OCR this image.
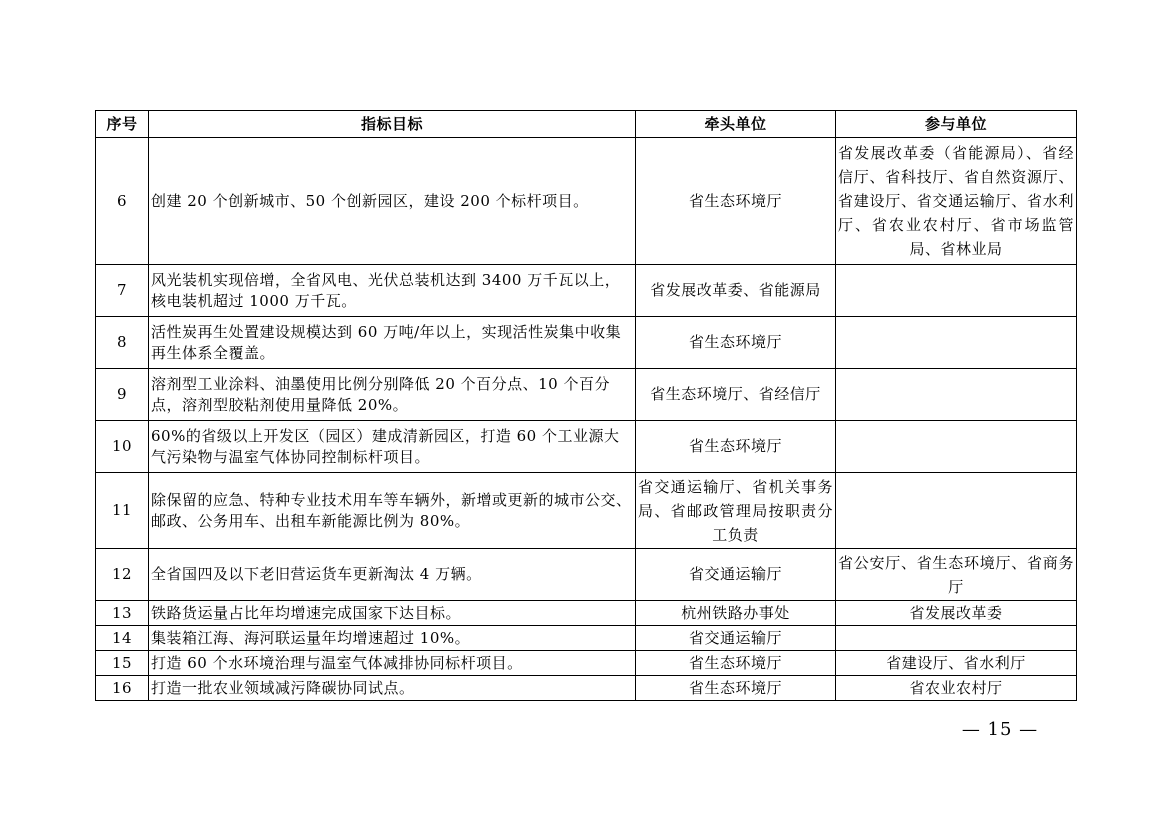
序号	指标目标	牵头单位	参与单位
6	创建 20 个创新城市、50 个创新园区，建设 200 个标杆项目。	省生态环境厅	省发展改革委（省能源局）、省经信厅、省科技厅、省自然资源厅、省建设厅、省交通运输厅、省水利厅、省农业农村厅、省市场监管局、省林业局
7	风光装机实现倍增，全省风电、光伏总装机达到 3400 万千瓦以上，核电装机超过 1000 万千瓦。	省发展改革委、省能源局	
8	活性炭再生处置建设规模达到 60 万吨/年以上，实现活性炭集中收集再生体系全覆盖。	省生态环境厅	
9	溶剂型工业涂料、油墨使用比例分别降低 20 个百分点、10 个百分点，溶剂型胶粘剂使用量降低 20%。	省生态环境厅、省经信厅	
10	60%的省级以上开发区（园区）建成清新园区，打造 60 个工业源大气污染物与温室气体协同控制标杆项目。	省生态环境厅	
11	除保留的应急、特种专业技术用车等车辆外，新增或更新的城市公交、邮政、公务用车、出租车新能源比例为 80%。	省交通运输厅、省机关事务局、省邮政管理局按职责分工负责	
12	全省国四及以下老旧营运货车更新淘汰 4 万辆。	省交通运输厅	省公安厅、省生态环境厅、省商务厅
13	铁路货运量占比年均增速完成国家下达目标。	杭州铁路办事处	省发展改革委
14	集装箱江海、海河联运量年均增速超过 10%。	省交通运输厅	
15	打造 60 个水环境治理与温室气体减排协同标杆项目。	省生态环境厅	省建设厅、省水利厅
16	打造一批农业领域减污降碳协同试点。	省生态环境厅	省农业农村厅
— 15 —
